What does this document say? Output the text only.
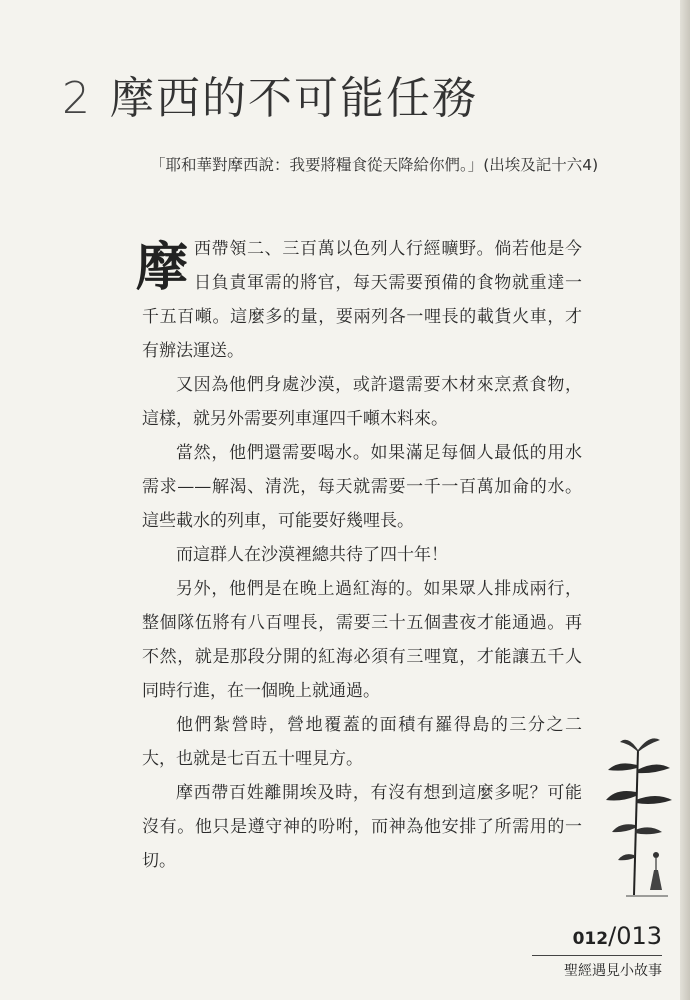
2 摩西的不可能任務
「耶和華對摩西說：我要將糧食從天降給你們。」(出埃及記十六4)

摩西帶領二、三百萬以色列人行經曠野。倘若他是今日負責軍需的將官，每天需要預備的食物就重達一千五百噸。這麼多的量，要兩列各一哩長的載貨火車，才有辦法運送。

又因為他們身處沙漠，或許還需要木材來烹煮食物，這樣，就另外需要列車運四千噸木料來。

當然，他們還需要喝水。如果滿足每個人最低的用水需求——解渴、清洗，每天就需要一千一百萬加侖的水。這些載水的列車，可能要好幾哩長。

而這群人在沙漠裡總共待了四十年！

另外，他們是在晚上過紅海的。如果眾人排成兩行，整個隊伍將有八百哩長，需要三十五個晝夜才能通過。再不然，就是那段分開的紅海必須有三哩寬，才能讓五千人同時行進，在一個晚上就通過。

他們紮營時，營地覆蓋的面積有羅得島的三分之二大，也就是七百五十哩見方。

摩西帶百姓離開埃及時，有沒有想到這麼多呢？可能沒有。他只是遵守神的吩咐，而神為他安排了所需用的一切。

012/013
聖經遇見小故事
